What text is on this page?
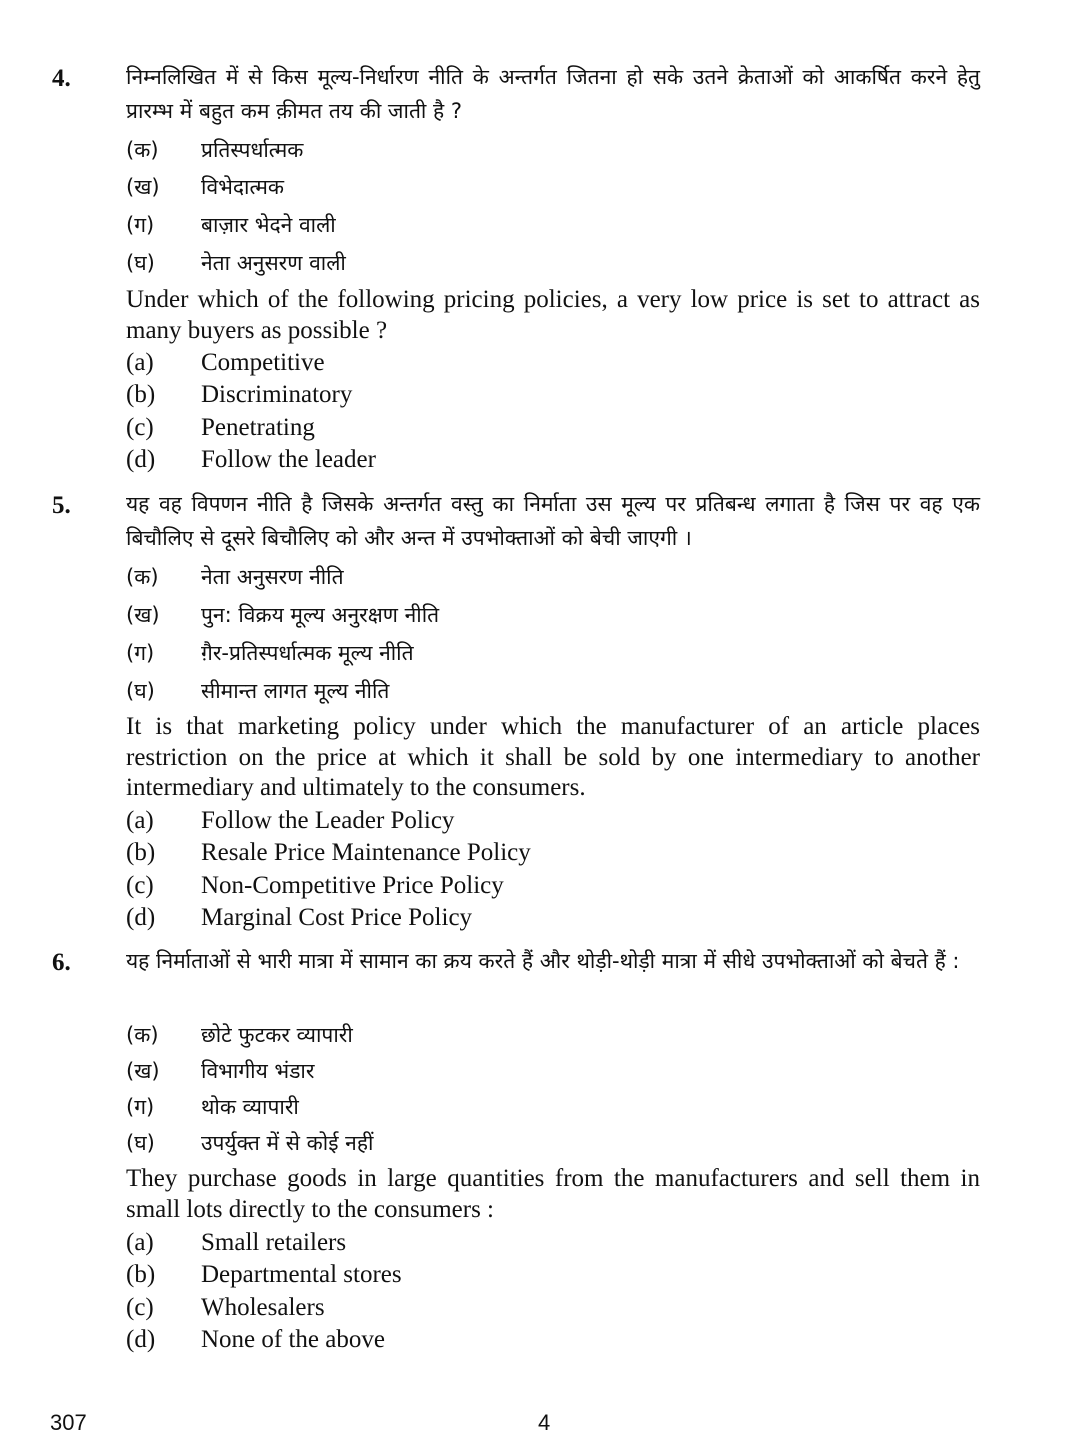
4.	निम्नलिखित में से किस मूल्य-निर्धारण नीति के अन्तर्गत जितना हो सके उतने क्रेताओं को आकर्षित करने हेतु प्रारम्भ में बहुत कम क़ीमत तय की जाती है ?
(क) प्रतिस्पर्धात्मक
(ख) विभेदात्मक
(ग) बाज़ार भेदने वाली
(घ) नेता अनुसरण वाली
Under which of the following pricing policies, a very low price is set to attract as many buyers as possible ?
(a) Competitive
(b) Discriminatory
(c) Penetrating
(d) Follow the leader
5.	यह वह विपणन नीति है जिसके अन्तर्गत वस्तु का निर्माता उस मूल्य पर प्रतिबन्ध लगाता है जिस पर वह एक बिचौलिए से दूसरे बिचौलिए को और अन्त में उपभोक्ताओं को बेची जाएगी ।
(क) नेता अनुसरण नीति
(ख) पुन: विक्रय मूल्य अनुरक्षण नीति
(ग) ग़ैर-प्रतिस्पर्धात्मक मूल्य नीति
(घ) सीमान्त लागत मूल्य नीति
It is that marketing policy under which the manufacturer of an article places restriction on the price at which it shall be sold by one intermediary to another intermediary and ultimately to the consumers.
(a) Follow the Leader Policy
(b) Resale Price Maintenance Policy
(c) Non-Competitive Price Policy
(d) Marginal Cost Price Policy
6.	यह निर्माताओं से भारी मात्रा में सामान का क्रय करते हैं और थोड़ी-थोड़ी मात्रा में सीधे उपभोक्ताओं को बेचते हैं :
(क) छोटे फुटकर व्यापारी
(ख) विभागीय भंडार
(ग) थोक व्यापारी
(घ) उपर्युक्त में से कोई नहीं
They purchase goods in large quantities from the manufacturers and sell them in small lots directly to the consumers :
(a) Small retailers
(b) Departmental stores
(c) Wholesalers
(d) None of the above
307	4
